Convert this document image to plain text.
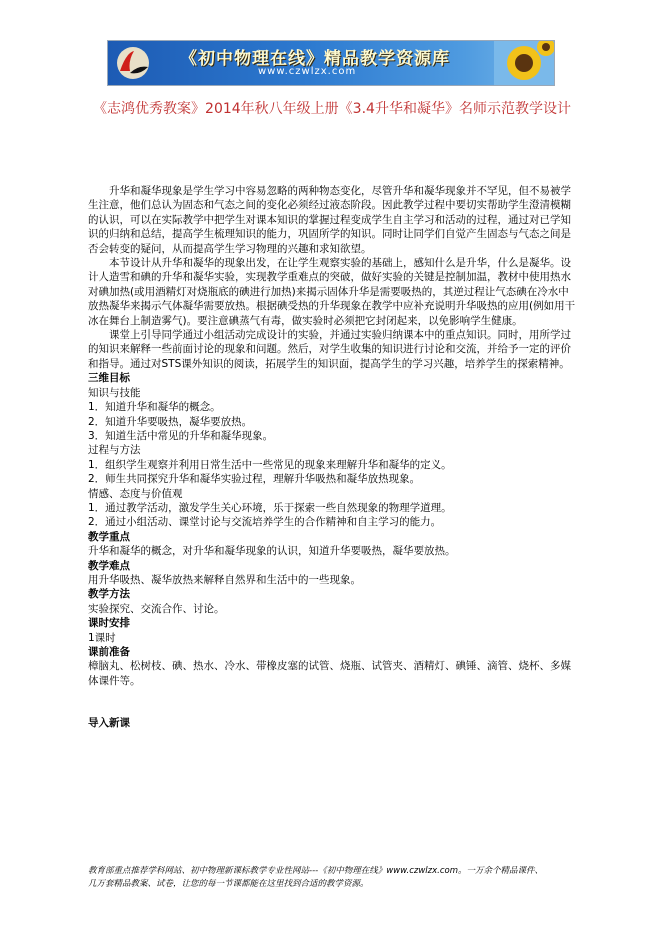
《初中物理在线》精品教学资源库
www.czwlzx.com
《志鸿优秀教案》2014年秋八年级上册《3.4升华和凝华》名师示范教学设计

升华和凝华现象是学生学习中容易忽略的两种物态变化，尽管升华和凝华现象并不罕见，但不易被学生注意，他们总认为固态和气态之间的变化必须经过液态阶段。因此教学过程中要切实帮助学生澄清模糊的认识，可以在实际教学中把学生对课本知识的掌握过程变成学生自主学习和活动的过程，通过对已学知识的归纳和总结，提高学生梳理知识的能力，巩固所学的知识。同时让同学们自觉产生固态与气态之间是否会转变的疑问，从而提高学生学习物理的兴趣和求知欲望。

本节设计从升华和凝华的现象出发，在让学生观察实验的基础上，感知什么是升华，什么是凝华。设计人造雪和碘的升华和凝华实验，实现教学重难点的突破，做好实验的关键是控制加温，教材中使用热水对碘加热(或用酒精灯对烧瓶底的碘进行加热)来揭示固体升华是需要吸热的，其逆过程让气态碘在冷水中放热凝华来揭示气体凝华需要放热。根据碘受热的升华现象在教学中应补充说明升华吸热的应用(例如用干冰在舞台上制造雾气)。要注意碘蒸气有毒，做实验时必须把它封闭起来，以免影响学生健康。

课堂上引导同学通过小组活动完成设计的实验，并通过实验归纳课本中的重点知识。同时，用所学过的知识来解释一些前面讨论的现象和问题。然后，对学生收集的知识进行讨论和交流，并给予一定的评价和指导。通过对STS课外知识的阅读，拓展学生的知识面，提高学生的学习兴趣，培养学生的探索精神。

三维目标

知识与技能

1．知道升华和凝华的概念。

2．知道升华要吸热，凝华要放热。

3．知道生活中常见的升华和凝华现象。

过程与方法

1．组织学生观察并利用日常生活中一些常见的现象来理解升华和凝华的定义。

2．师生共同探究升华和凝华实验过程，理解升华吸热和凝华放热现象。

情感、态度与价值观

1．通过教学活动，激发学生关心环境，乐于探索一些自然现象的物理学道理。

2．通过小组活动、课堂讨论与交流培养学生的合作精神和自主学习的能力。

教学重点

升华和凝华的概念，对升华和凝华现象的认识，知道升华要吸热，凝华要放热。

教学难点

用升华吸热、凝华放热来解释自然界和生活中的一些现象。

教学方法

实验探究、交流合作、讨论。

课时安排

1课时

课前准备

樟脑丸、松树枝、碘、热水、冷水、带橡皮塞的试管、烧瓶、试管夹、酒精灯、碘锤、滴管、烧杯、多媒体课件等。

导入新课

教育部重点推荐学科网站、初中物理新课标教学专业性网站---《初中物理在线》www.czwlzx.com。一万余个精品课件、
几万套精品教案、试卷，让您的每一节课都能在这里找到合适的教学资源。
